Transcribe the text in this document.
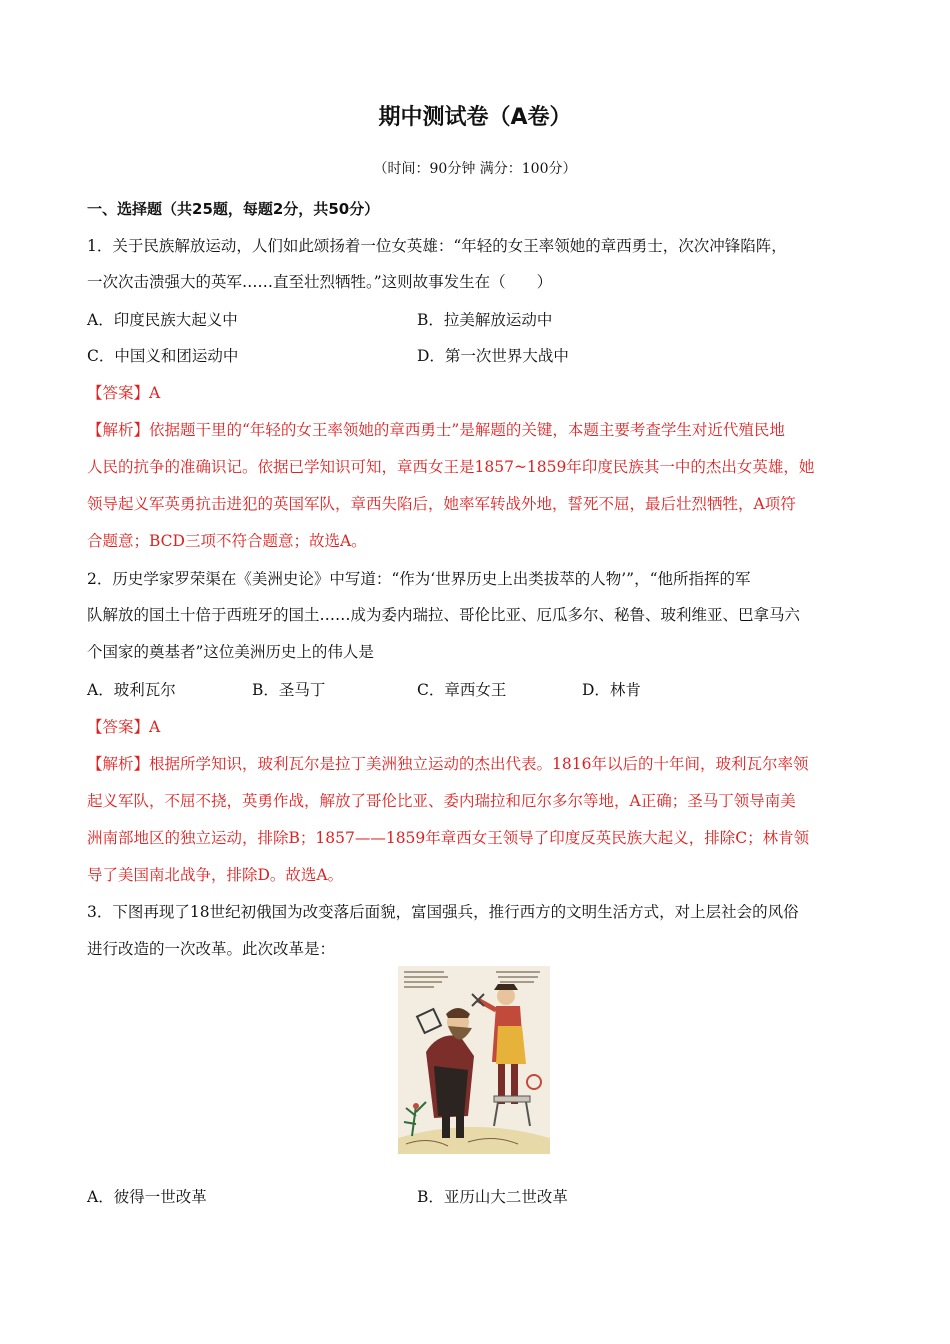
期中测试卷（A卷）
（时间：90分钟 满分：100分）
一、选择题（共25题，每题2分，共50分）
1．关于民族解放运动，人们如此颂扬着一位女英雄：“年轻的女王率领她的章西勇士，次次冲锋陷阵，
一次次击溃强大的英军……直至壮烈牺牲。”这则故事发生在（　　）
A．印度民族大起义中	B．拉美解放运动中
C．中国义和团运动中	D．第一次世界大战中
【答案】A
【解析】依据题干里的“年轻的女王率领她的章西勇士”是解题的关键，本题主要考查学生对近代殖民地
人民的抗争的准确识记。依据已学知识可知，章西女王是1857~1859年印度民族其一中的杰出女英雄，她
领导起义军英勇抗击进犯的英国军队，章西失陷后，她率军转战外地，誓死不屈，最后壮烈牺牲，A项符
合题意；BCD三项不符合题意；故选A。
2．历史学家罗荣渠在《美洲史论》中写道：“作为‘世界历史上出类拔萃的人物’”，“他所指挥的军
队解放的国土十倍于西班牙的国土……成为委内瑞拉、哥伦比亚、厄瓜多尔、秘鲁、玻利维亚、巴拿马六
个国家的奠基者”这位美洲历史上的伟人是
A．玻利瓦尔	B．圣马丁	C．章西女王	D．林肯
【答案】A
【解析】根据所学知识，玻利瓦尔是拉丁美洲独立运动的杰出代表。1816年以后的十年间，玻利瓦尔率领
起义军队，不屈不挠，英勇作战，解放了哥伦比亚、委内瑞拉和厄尔多尔等地，A正确；圣马丁领导南美
洲南部地区的独立运动，排除B；1857——1859年章西女王领导了印度反英民族大起义，排除C；林肯领
导了美国南北战争，排除D。故选A。
3．下图再现了18世纪初俄国为改变落后面貌，富国强兵，推行西方的文明生活方式，对上层社会的风俗
进行改造的一次改革。此次改革是：
A．彼得一世改革	B．亚历山大二世改革
